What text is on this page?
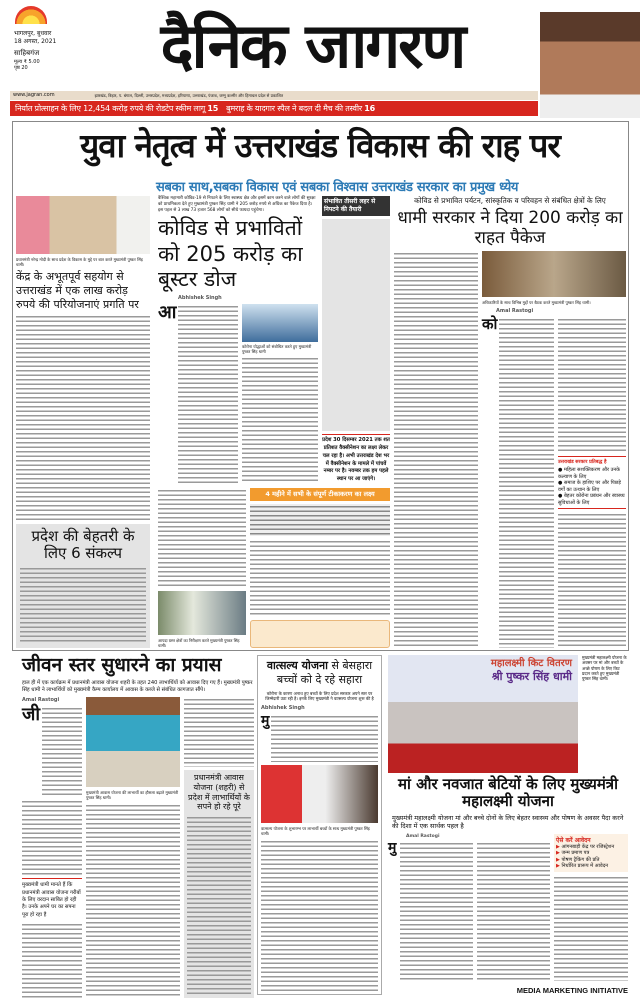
भागलपुर, बुधवार
18 अगस्त, 2021
साहिबगंज
मूल्य ₹ 5.00
पृष्ठ 20	दैनिक जागरण
www.jagran.com	झारखंड, बिहार, प. बंगाल, दिल्ली, उत्तरप्रदेश, मध्यप्रदेश, हरियाणा, उत्तराखंड, पंजाब, जम्मू कश्मीर और हिमाचल प्रदेश से प्रकाशित
निर्यात प्रोत्साहन के लिए 12,454 करोड़ रुपये की रोडटेप स्कीम लागू 15 बुमराह के यादगार स्पैल ने बदल दी मैच की तस्वीर 16
युवा नेतृत्व में उत्तराखंड विकास की राह पर
सबका साथ,सबका विकास एवं सबका विश्वास उत्तराखंड सरकार का प्रमुख ध्येय
प्रधानमंत्री नरेन्द्र मोदी के साथ प्रदेश के विकास के मुद्दे पर बात करते मुख्यमंत्री पुष्कर सिंह धामी।
केंद्र के अभूतपूर्व सहयोग से उत्तराखंड में एक लाख करोड़ रुपये की परियोजनाएं प्रगति पर
प्रदेश की बेहतरी के लिए 6 संकल्प
वैश्विक महामारी कोविड-19 से निपटने के लिए स्वास्थ्य क्षेत्र और इसमें काम करने वाले लोगों की सुरक्षा को प्राथमिकता देते हुए मुख्यमंत्री पुष्कर सिंह धामी ने 205 करोड़ रुपये से अधिक का पैकेज दिया है। इस पहल से 3 लाख 73 हजार 568 लोगों को सीधे फायदा पहुंचेगा।
कोविड से प्रभावितों को 205 करोड़ का बूस्टर डोज
Abhishek Singh
आ
कोरोना योद्धाओं को संबोधित करते हुए मुख्यमंत्री पुष्कर सिंह धामी
संभावित तीसरी लहर से निपटने की तैयारी
प्रदेश 30 दिसम्बर 2021 तक शत प्रतिशत वैक्सीनेशन का लक्ष्य लेकर चल रहा है। अभी उत्तराखंड देश भर में वैक्सीनेशन के मामले में पांचवें नम्बर पर है। नवम्बर तक हम पहले स्थान पर आ जाएंगे।
आपदा ग्रस्त क्षेत्रों का निरीक्षण करते मुख्यमंत्री पुष्कर सिंह धामी।
4 महीने में सभी के संपूर्ण टीकाकरण का लक्ष्य
कोविड से प्रभावित पर्यटन, सांस्कृतिक व परिवहन से संबंधित क्षेत्रों के लिए
धामी सरकार ने दिया 200 करोड़ का राहत पैकेज
अधिकारियों के साथ विभिन्न मुद्दों पर बैठक करते मुख्यमंत्री पुष्कर सिंह धामी।
Amal Rastogi
को
उत्तराखंड सरकार प्रतिबद्ध है
● महिला सशक्तिकरण और उनके कल्याण के लिए
● समाज के हाशिए पर और पिछड़े वर्गों का उत्थान के लिए
● बेहतर कोरोना प्रबंधन और स्वास्थ्य सुविधाओं के लिए
जीवन स्तर सुधारने का प्रयास
हाल ही में एक कार्यक्रम में प्रधानमंत्री आवास योजना शहरी के तहत 240 लाभार्थियों को आवास दिए गए हैं। मुख्यमंत्री पुष्कर सिंह धामी ने लाभार्थियों को मुख्यमंत्री कैम्प कार्यालय में आवास के कब्जे से संबंधित कागजात सौंपे।
Amal Rastogi
जी
मुख्यमंत्री धामी मानते हैं कि प्रधानमंत्री आवास योजना गरीबों के लिए वरदान साबित हो रही है। उनके अपने घर का सपना पूरा हो रहा है
मुख्यमंत्री आवास योजना की लाभार्थी का हौसला बढ़ाते मुख्यमंत्री पुष्कर सिंह धामी।
प्रधानमंत्री आवास योजना (शहरी) से प्रदेश में लाभार्थियों के सपने हो रहे पूरे
वात्सल्य योजना से बेसहारा बच्चों को दे रहे सहारा
कोरोना के कारण अनाथ हुए बच्चों के लिए प्रदेश सरकार अपने स्तर पर जिम्मेदारी उठा रही है। इनके लिए मुख्यमंत्री ने वात्सल्य योजना शुरू की है
Abhishek Singh
मु
वात्सल्य योजना के शुभारम्भ पर लाभार्थी बच्चों के साथ मुख्यमंत्री पुष्कर सिंह धामी।
महालक्ष्मी किट वितरण
श्री पुष्कर सिंह धामी
मुख्यमंत्री महालक्ष्मी योजना के अवसर पर मां और बच्चों के अच्छे पोषण के लिए किट प्रदान करते हुए मुख्यमंत्री पुष्कर सिंह धामी।
मां और नवजात बेटियों के लिए मुख्यमंत्री महालक्ष्मी योजना
मुख्यमंत्री महालक्ष्मी योजना मां और बच्चे दोनों के लिए बेहतर स्वास्थ्य और पोषण के अवसर पैदा करने की दिशा में एक सार्थक पहल है
Amal Rastogi
मु	ऐसे करें आवेदन
▶ आंगनबाड़ी केंद्र पर रजिस्ट्रेशन
▶ जन्म प्रमाण पत्र
▶ पोषण ट्रैकिंग की प्रति
▶ निर्धारित प्रारूप में आवेदन
MEDIA MARKETING INITIATIVE
